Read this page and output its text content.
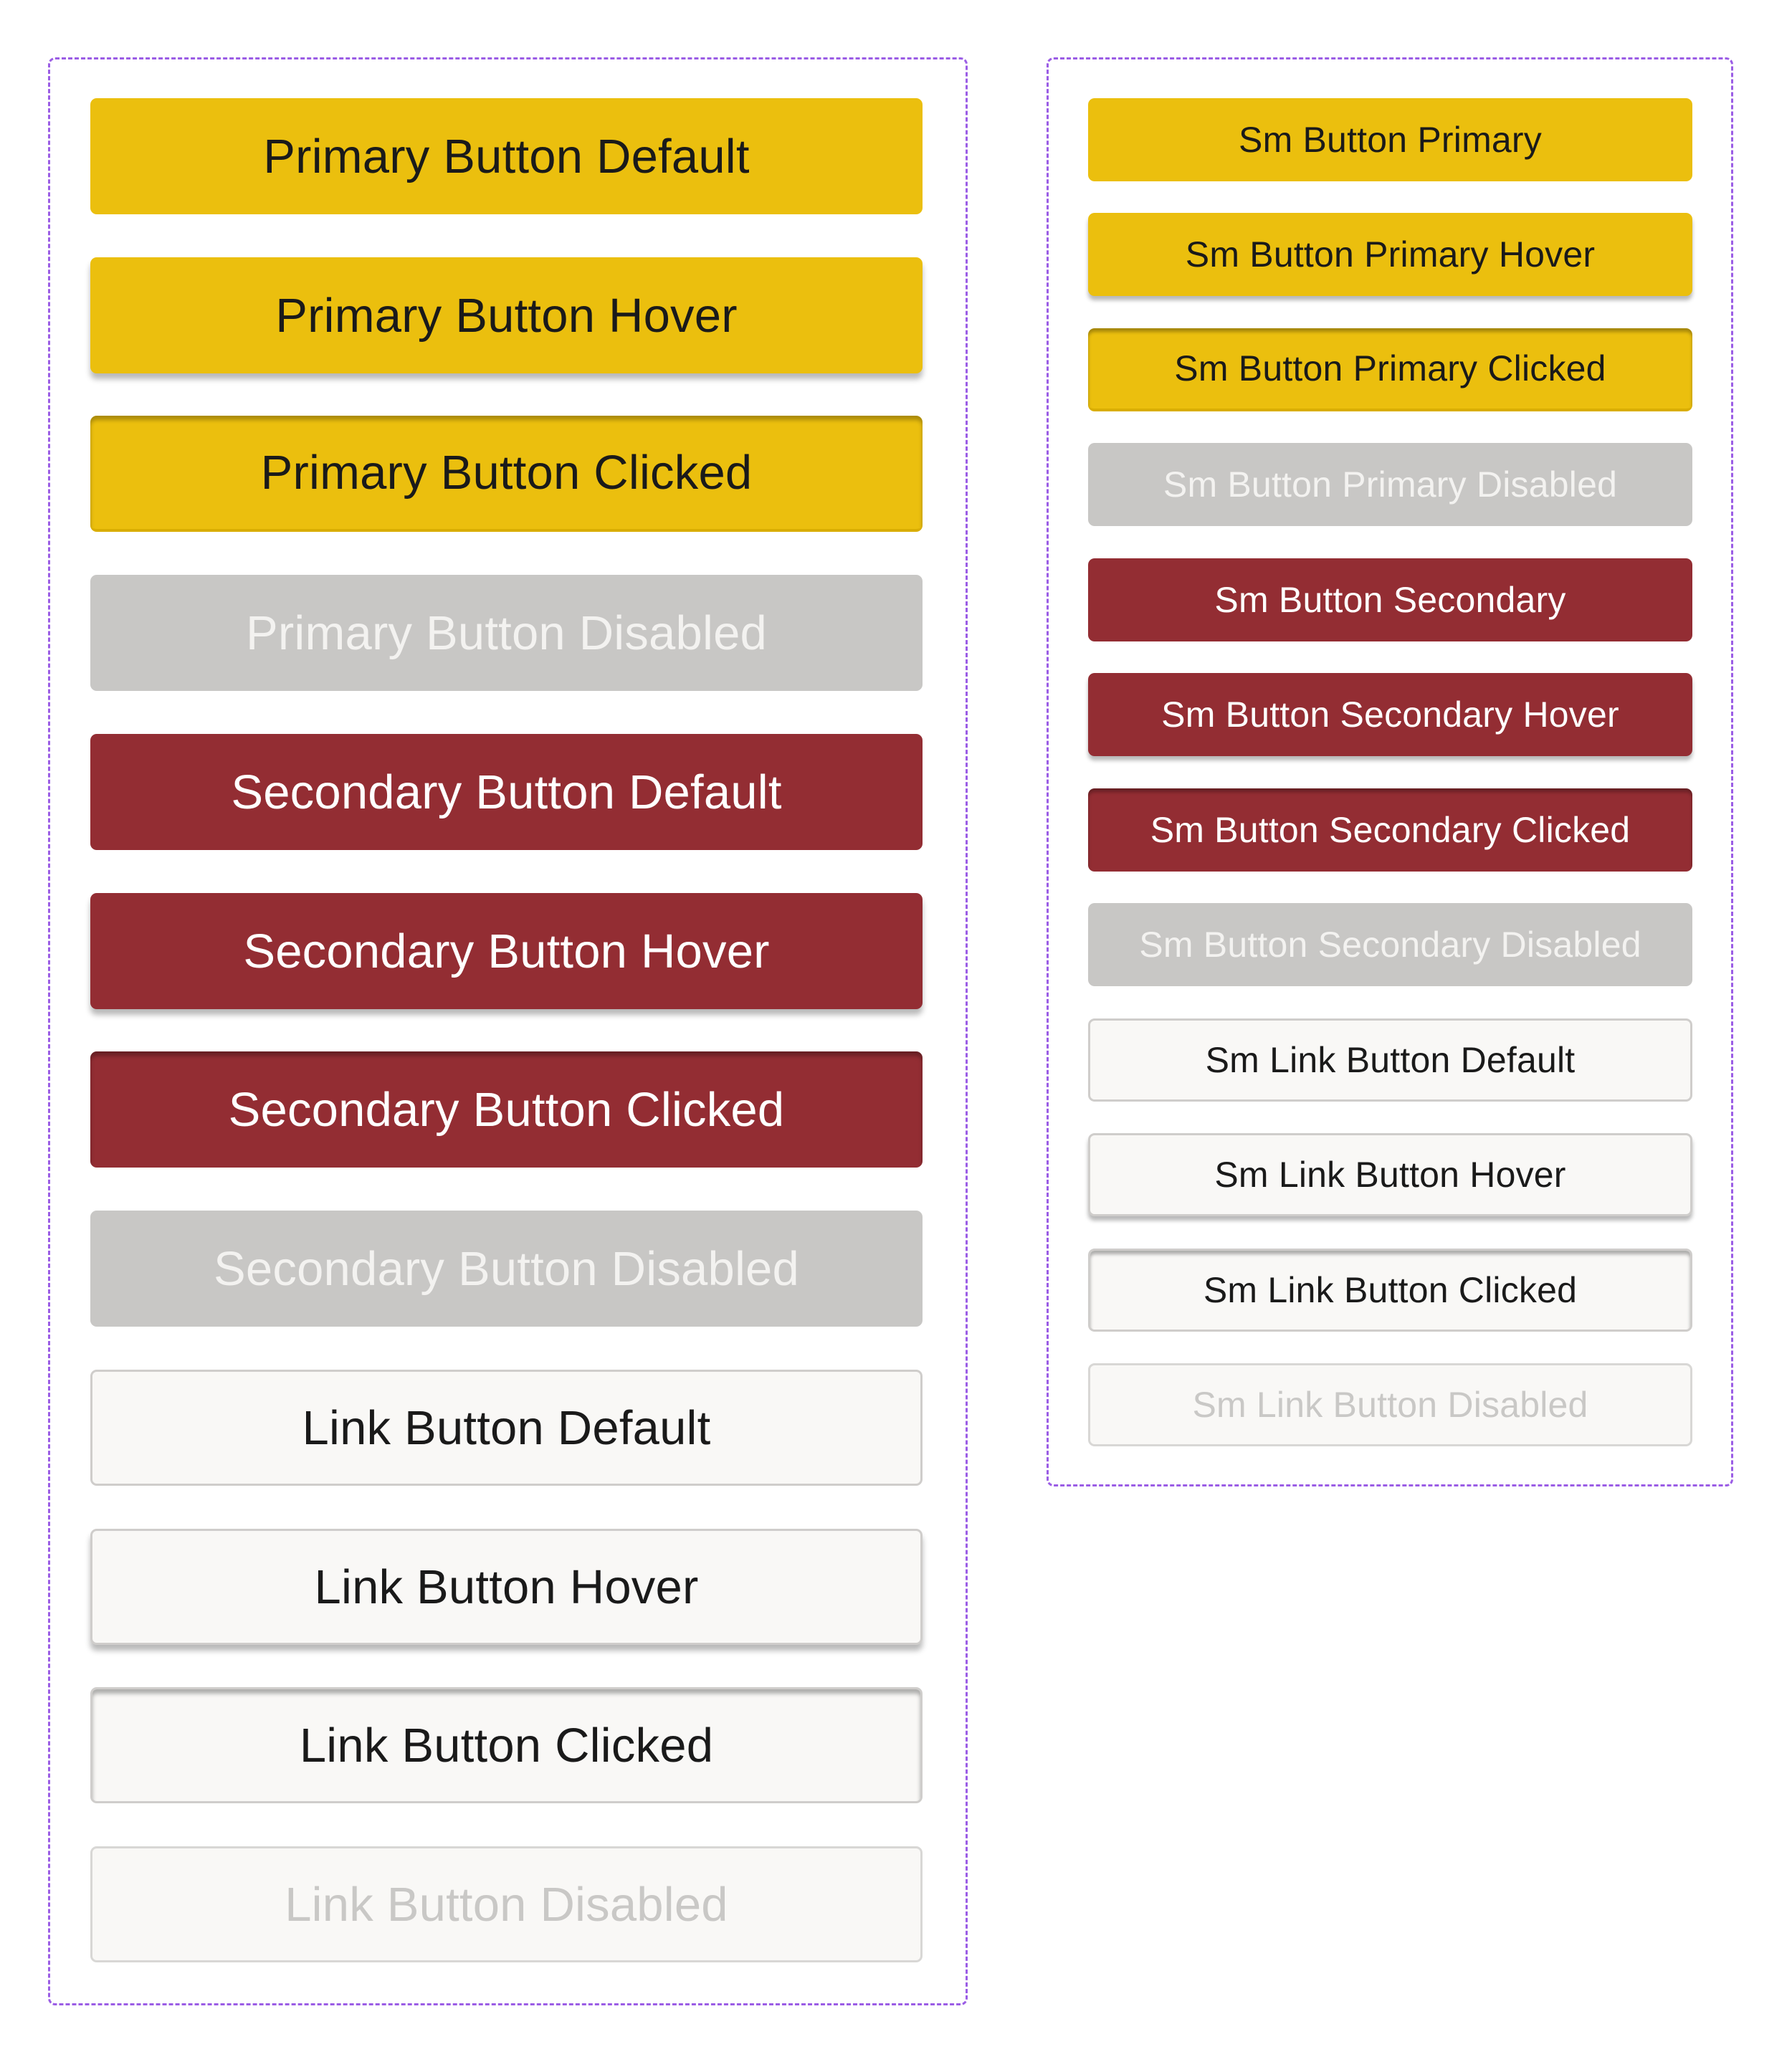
Primary Button Default
Primary Button Hover
Primary Button Clicked
Primary Button Disabled
Secondary Button Default
Secondary Button Hover
Secondary Button Clicked
Secondary Button Disabled
Link Button Default
Link Button Hover
Link Button Clicked
Link Button Disabled
Sm Button Primary
Sm Button Primary Hover
Sm Button Primary Clicked
Sm Button Primary Disabled
Sm Button Secondary
Sm Button Secondary Hover
Sm Button Secondary Clicked
Sm Button Secondary Disabled
Sm Link Button Default
Sm Link Button Hover
Sm Link Button Clicked
Sm Link Button Disabled
